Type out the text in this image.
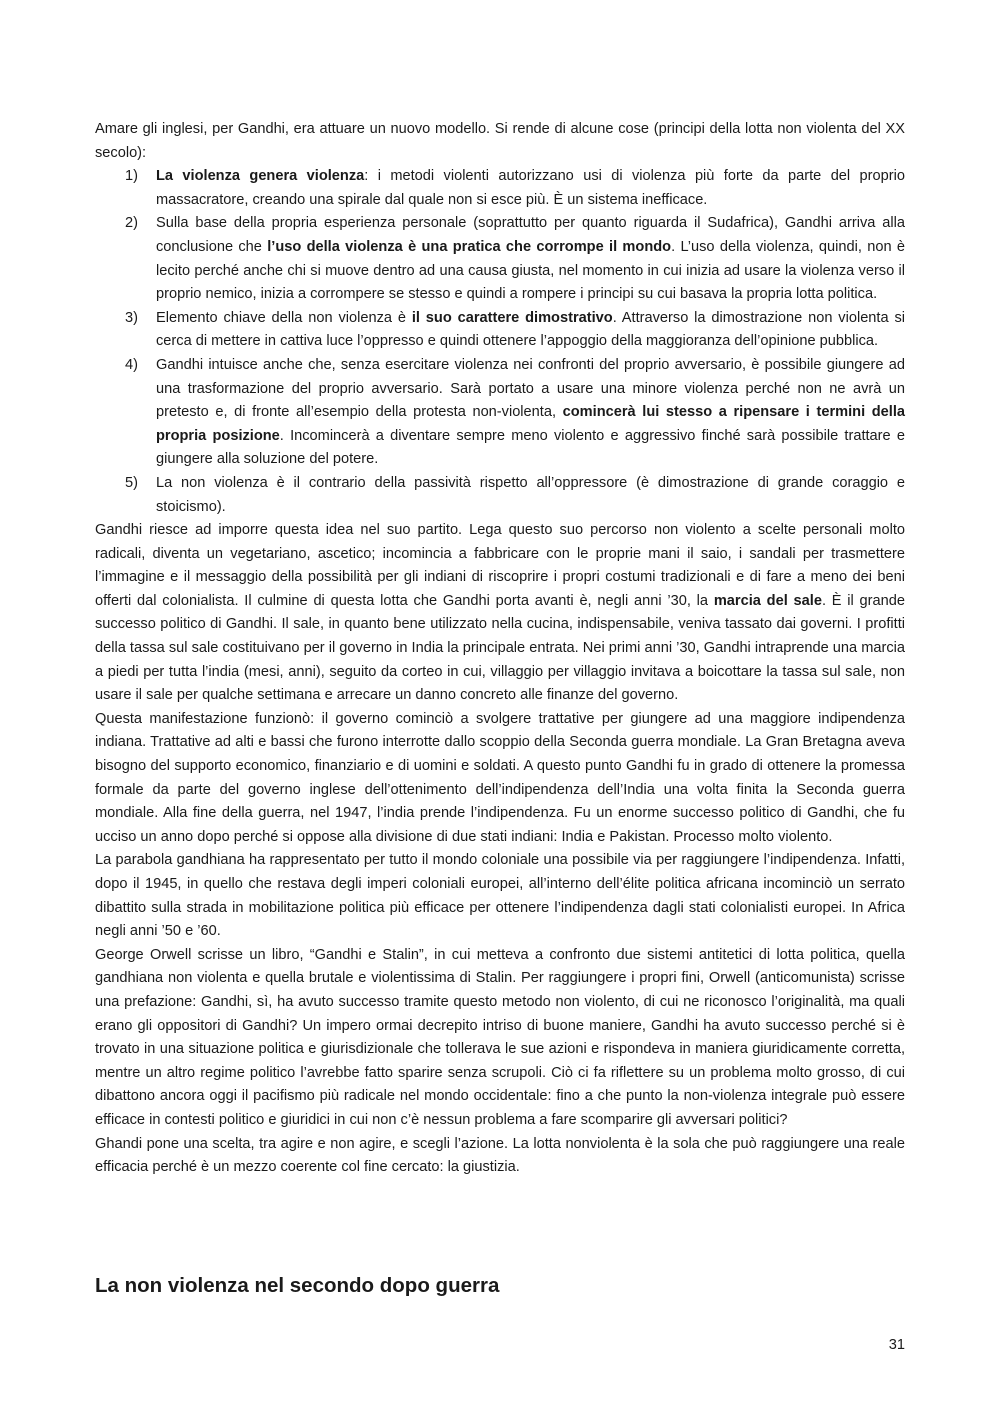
Amare gli inglesi, per Gandhi, era attuare un nuovo modello. Si rende di alcune cose (principi della lotta non violenta del XX secolo):

1) La violenza genera violenza: i metodi violenti autorizzano usi di violenza più forte da parte del proprio massacratore, creando una spirale dal quale non si esce più. È un sistema inefficace.
2) Sulla base della propria esperienza personale (soprattutto per quanto riguarda il Sudafrica), Gandhi arriva alla conclusione che l’uso della violenza è una pratica che corrompe il mondo. L’uso della violenza, quindi, non è lecito perché anche chi si muove dentro ad una causa giusta, nel momento in cui inizia ad usare la violenza verso il proprio nemico, inizia a corrompere se stesso e quindi a rompere i principi su cui basava la propria lotta politica.
3) Elemento chiave della non violenza è il suo carattere dimostrativo. Attraverso la dimostrazione non violenta si cerca di mettere in cattiva luce l’oppresso e quindi ottenere l’appoggio della maggioranza dell’opinione pubblica.
4) Gandhi intuisce anche che, senza esercitare violenza nei confronti del proprio avversario, è possibile giungere ad una trasformazione del proprio avversario. Sarà portato a usare una minore violenza perché non ne avrà un pretesto e, di fronte all’esempio della protesta non-violenta, comincerà lui stesso a ripensare i termini della propria posizione. Incomincerà a diventare sempre meno violento e aggressivo finché sarà possibile trattare e giungere alla soluzione del potere.
5) La non violenza è il contrario della passività rispetto all’oppressore (è dimostrazione di grande coraggio e stoicismo).

Gandhi riesce ad imporre questa idea nel suo partito. Lega questo suo percorso non violento a scelte personali molto radicali, diventa un vegetariano, ascetico; incomincia a fabbricare con le proprie mani il saio, i sandali per trasmettere l’immagine e il messaggio della possibilità per gli indiani di riscoprire i propri costumi tradizionali e di fare a meno dei beni offerti dal colonialista. Il culmine di questa lotta che Gandhi porta avanti è, negli anni ’30, la marcia del sale. È il grande successo politico di Gandhi. Il sale, in quanto bene utilizzato nella cucina, indispensabile, veniva tassato dai governi. I profitti della tassa sul sale costituivano per il governo in India la principale entrata. Nei primi anni ’30, Gandhi intraprende una marcia a piedi per tutta l’india (mesi, anni), seguito da corteo in cui, villaggio per villaggio invitava a boicottare la tassa sul sale, non usare il sale per qualche settimana e arrecare un danno concreto alle finanze del governo.

Questa manifestazione funzionò: il governo cominciò a svolgere trattative per giungere ad una maggiore indipendenza indiana. Trattative ad alti e bassi che furono interrotte dallo scoppio della Seconda guerra mondiale. La Gran Bretagna aveva bisogno del supporto economico, finanziario e di uomini e soldati. A questo punto Gandhi fu in grado di ottenere la promessa formale da parte del governo inglese dell’ottenimento dell’indipendenza dell’India una volta finita la Seconda guerra mondiale. Alla fine della guerra, nel 1947, l’india prende l’indipendenza. Fu un enorme successo politico di Gandhi, che fu ucciso un anno dopo perché si oppose alla divisione di due stati indiani: India e Pakistan. Processo molto violento.

La parabola gandhiana ha rappresentato per tutto il mondo coloniale una possibile via per raggiungere l’indipendenza. Infatti, dopo il 1945, in quello che restava degli imperi coloniali europei, all’interno dell’élite politica africana incominciò un serrato dibattito sulla strada in mobilitazione politica più efficace per ottenere l’indipendenza dagli stati colonialisti europei. In Africa negli anni ’50 e ’60.

George Orwell scrisse un libro, “Gandhi e Stalin”, in cui metteva a confronto due sistemi antitetici di lotta politica, quella gandhiana non violenta e quella brutale e violentissima di Stalin. Per raggiungere i propri fini, Orwell (anticomunista) scrisse una prefazione: Gandhi, sì, ha avuto successo tramite questo metodo non violento, di cui ne riconosco l’originalità, ma quali erano gli oppositori di Gandhi? Un impero ormai decrepito intriso di buone maniere, Gandhi ha avuto successo perché si è trovato in una situazione politica e giurisdizionale che tollerava le sue azioni e rispondeva in maniera giuridicamente corretta, mentre un altro regime politico l’avrebbe fatto sparire senza scrupoli. Ciò ci fa riflettere su un problema molto grosso, di cui dibattono ancora oggi il pacifismo più radicale nel mondo occidentale: fino a che punto la non-violenza integrale può essere efficace in contesti politico e giuridici in cui non c’è nessun problema a fare scomparire gli avversari politici?

Ghandi pone una scelta, tra agire e non agire, e scegli l’azione. La lotta nonviolenta è la sola che può raggiungere una reale efficacia perché è un mezzo coerente col fine cercato: la giustizia.

La non violenza nel secondo dopo guerra
31
